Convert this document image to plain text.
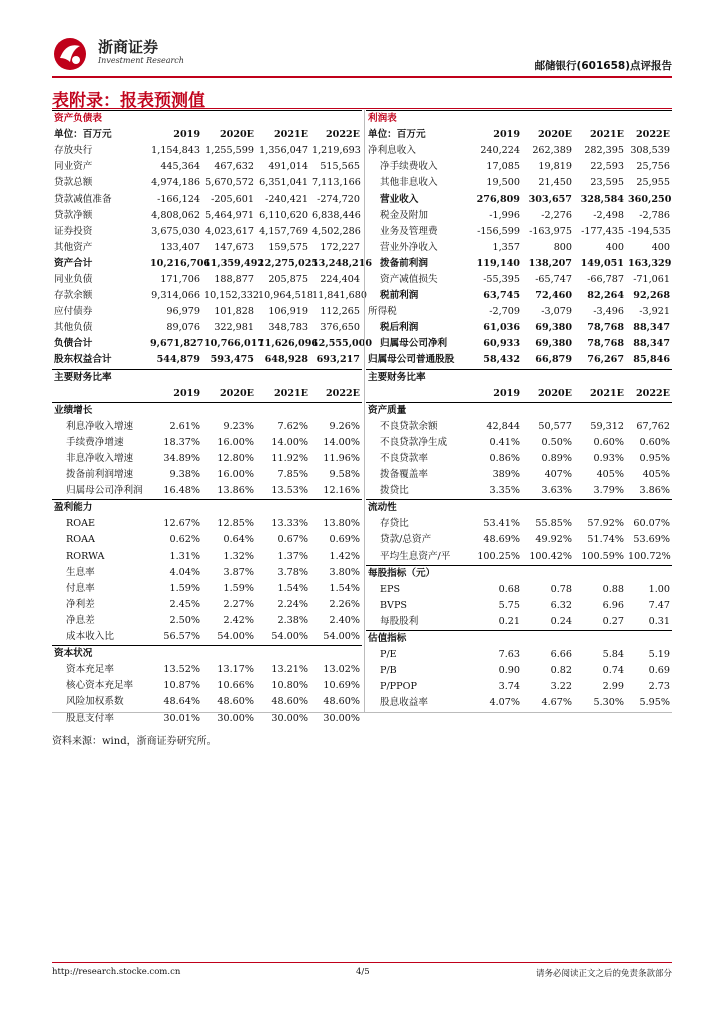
浙商证券
Investment Research	邮储银行(601658)点评报告
表附录：报表预测值
资产负债表				
单位：百万元	2019	2020E	2021E	2022E
存放央行	1,154,843	1,255,599	1,356,047	1,219,693
同业资产	445,364	467,632	491,014	515,565
贷款总额	4,974,186	5,670,572	6,351,041	7,113,166
贷款减值准备	-166,124	-205,601	-240,421	-274,720
贷款净额	4,808,062	5,464,971	6,110,620	6,838,446
证券投资	3,675,030	4,023,617	4,157,769	4,502,286
其他资产	133,407	147,673	159,575	172,227
资产合计	10,216,706	11,359,492	12,275,025	13,248,216
同业负债	171,706	188,877	205,875	224,404
存款余额	9,314,066	10,152,332	10,964,518	11,841,680
应付债券	96,979	101,828	106,919	112,265
其他负债	89,076	322,981	348,783	376,650
负债合计	9,671,827	10,766,017	11,626,096	12,555,000
股东权益合计	544,879	593,475	648,928	693,217
主要财务比率				
	2019	2020E	2021E	2022E
业绩增长				
利息净收入增速	2.61%	9.23%	7.62%	9.26%
手续费净增速	18.37%	16.00%	14.00%	14.00%
非息净收入增速	34.89%	12.80%	11.92%	11.96%
拨备前利润增速	9.38%	16.00%	7.85%	9.58%
归属母公司净利润	16.48%	13.86%	13.53%	12.16%
盈利能力				
ROAE	12.67%	12.85%	13.33%	13.80%
ROAA	0.62%	0.64%	0.67%	0.69%
RORWA	1.31%	1.32%	1.37%	1.42%
生息率	4.04%	3.87%	3.78%	3.80%
付息率	1.59%	1.59%	1.54%	1.54%
净利差	2.45%	2.27%	2.24%	2.26%
净息差	2.50%	2.42%	2.38%	2.40%
成本收入比	56.57%	54.00%	54.00%	54.00%
资本状况				
资本充足率	13.52%	13.17%	13.21%	13.02%
核心资本充足率	10.87%	10.66%	10.80%	10.69%
风险加权系数	48.64%	48.60%	48.60%	48.60%
股息支付率	30.01%	30.00%	30.00%	30.00%
利润表				
单位：百万元	2019	2020E	2021E	2022E
净利息收入	240,224	262,389	282,395	308,539
净手续费收入	17,085	19,819	22,593	25,756
其他非息收入	19,500	21,450	23,595	25,955
营业收入	276,809	303,657	328,584	360,250
税金及附加	-1,996	-2,276	-2,498	-2,786
业务及管理费	-156,599	-163,975	-177,435	-194,535
营业外净收入	1,357	800	400	400
拨备前利润	119,140	138,207	149,051	163,329
资产减值损失	-55,395	-65,747	-66,787	-71,061
税前利润	63,745	72,460	82,264	92,268
所得税	-2,709	-3,079	-3,496	-3,921
税后利润	61,036	69,380	78,768	88,347
归属母公司净利	60,933	69,380	78,768	88,347
归属母公司普通股股	58,432	66,879	76,267	85,846
主要财务比率				
	2019	2020E	2021E	2022E
资产质量				
不良贷款余额	42,844	50,577	59,312	67,762
不良贷款净生成	0.41%	0.50%	0.60%	0.60%
不良贷款率	0.86%	0.89%	0.93%	0.95%
拨备覆盖率	389%	407%	405%	405%
拨贷比	3.35%	3.63%	3.79%	3.86%
流动性				
存贷比	53.41%	55.85%	57.92%	60.07%
贷款/总资产	48.69%	49.92%	51.74%	53.69%
平均生息资产/平	100.25%	100.42%	100.59%	100.72%
每股指标（元）				
EPS	0.68	0.78	0.88	1.00
BVPS	5.75	6.32	6.96	7.47
每股股利	0.21	0.24	0.27	0.31
估值指标				
P/E	7.63	6.66	5.84	5.19
P/B	0.90	0.82	0.74	0.69
P/PPOP	3.74	3.22	2.99	2.73
股息收益率	4.07%	4.67%	5.30%	5.95%

资料来源：wind，浙商证券研究所。
http://research.stocke.com.cn	4/5	请务必阅读正文之后的免责条款部分
